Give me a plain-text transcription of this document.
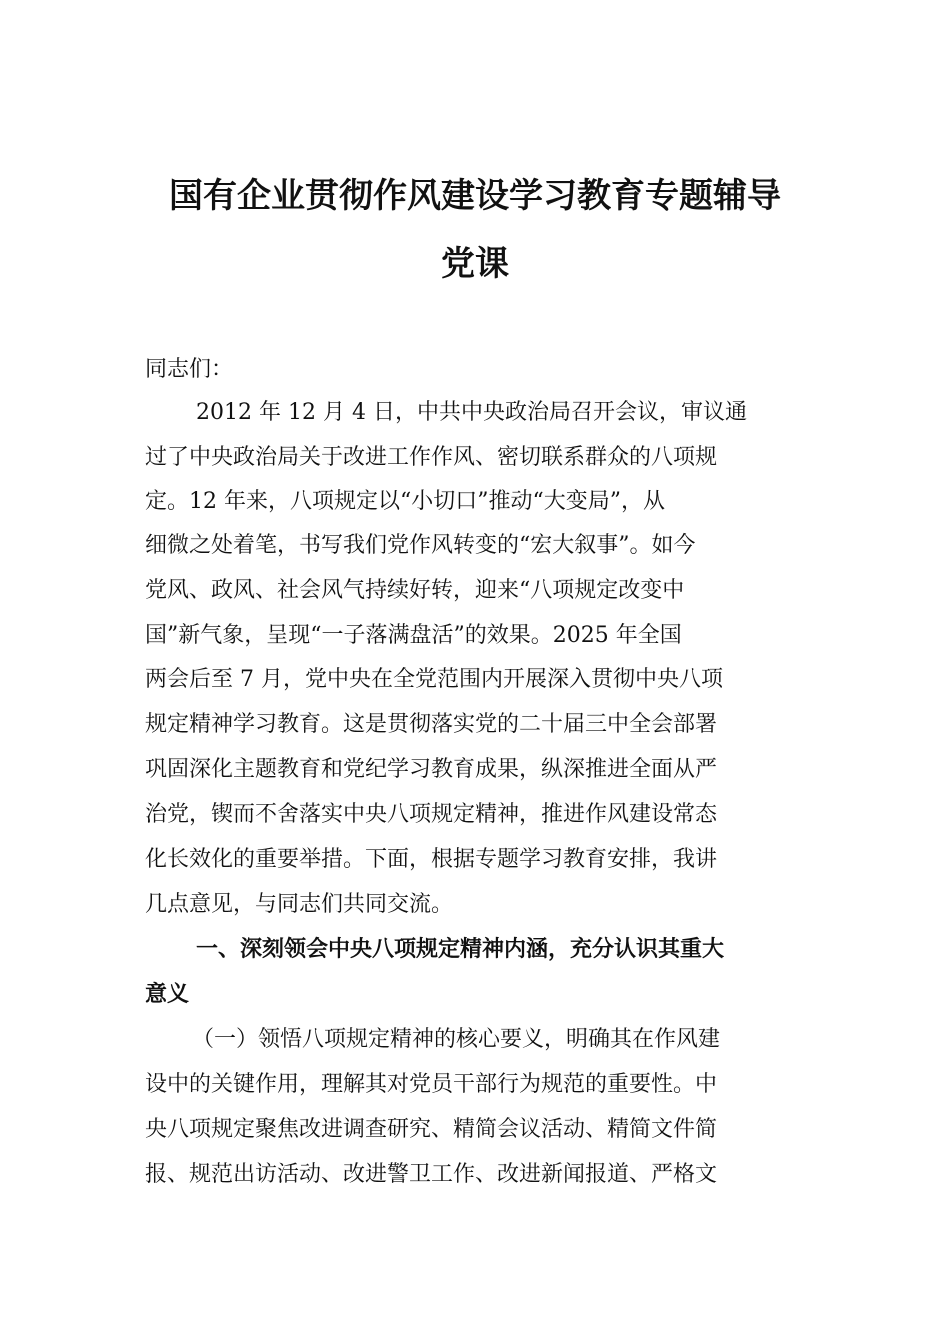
国有企业贯彻作风建设学习教育专题辅导
党课

同志们：

2012 年 12 月 4 日，中共中央政治局召开会议，审议通

过了中央政治局关于改进工作作风、密切联系群众的八项规

定。12 年来，八项规定以“小切口”推动“大变局”，从

细微之处着笔，书写我们党作风转变的“宏大叙事”。如今

党风、政风、社会风气持续好转，迎来“八项规定改变中

国”新气象，呈现“一子落满盘活”的效果。2025 年全国

两会后至 7 月，党中央在全党范围内开展深入贯彻中央八项

规定精神学习教育。这是贯彻落实党的二十届三中全会部署

巩固深化主题教育和党纪学习教育成果，纵深推进全面从严

治党，锲而不舍落实中央八项规定精神，推进作风建设常态

化长效化的重要举措。下面，根据专题学习教育安排，我讲

几点意见，与同志们共同交流。

一、深刻领会中央八项规定精神内涵，充分认识其重大

意义

（一）领悟八项规定精神的核心要义，明确其在作风建

设中的关键作用，理解其对党员干部行为规范的重要性。中

央八项规定聚焦改进调查研究、精简会议活动、精简文件简

报、规范出访活动、改进警卫工作、改进新闻报道、严格文
